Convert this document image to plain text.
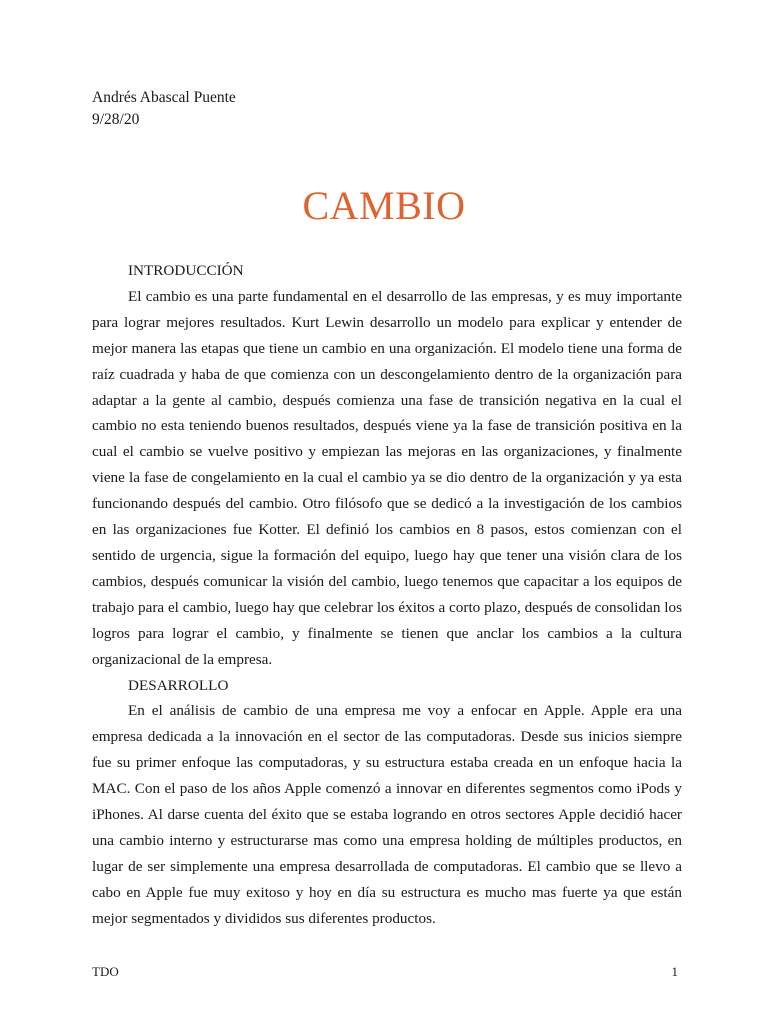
Andrés Abascal Puente
9/28/20
CAMBIO
INTRODUCCIÓN

El cambio es una parte fundamental en el desarrollo de las empresas, y es muy importante para lograr mejores resultados. Kurt Lewin desarrollo un modelo para explicar y entender de mejor manera las etapas que tiene un cambio en una organización. El modelo tiene una forma de raíz cuadrada y haba de que comienza con un descongelamiento dentro de la organización para adaptar a la gente al cambio, después comienza una fase de transición negativa en la cual el cambio no esta teniendo buenos resultados, después viene ya la fase de transición positiva en la cual el cambio se vuelve positivo y empiezan las mejoras en las organizaciones, y finalmente viene la fase de congelamiento en la cual el cambio ya se dio dentro de la organización y ya esta funcionando después del cambio. Otro filósofo que se dedicó a la investigación de los cambios en las organizaciones fue Kotter. El definió los cambios en 8 pasos, estos comienzan con el sentido de urgencia, sigue la formación del equipo, luego hay que tener una visión clara de los cambios, después comunicar la visión del cambio, luego tenemos que capacitar a los equipos de trabajo para el cambio, luego hay que celebrar los éxitos a corto plazo, después de consolidan los logros para lograr el cambio, y finalmente se tienen que anclar los cambios a la cultura organizacional de la empresa.

DESARROLLO

En el análisis de cambio de una empresa me voy a enfocar en Apple. Apple era una empresa dedicada a la innovación en el sector de las computadoras. Desde sus inicios siempre fue su primer enfoque las computadoras, y su estructura estaba creada en un enfoque hacia la MAC. Con el paso de los años Apple comenzó a innovar en diferentes segmentos como iPods y iPhones. Al darse cuenta del éxito que se estaba logrando en otros sectores Apple decidió hacer una cambio interno y estructurarse mas como una empresa holding de múltiples productos, en lugar de ser simplemente una empresa desarrollada de computadoras. El cambio que se llevo a cabo en Apple fue muy exitoso y hoy en día su estructura es mucho mas fuerte ya que están mejor segmentados y divididos sus diferentes productos.

TDO	1
